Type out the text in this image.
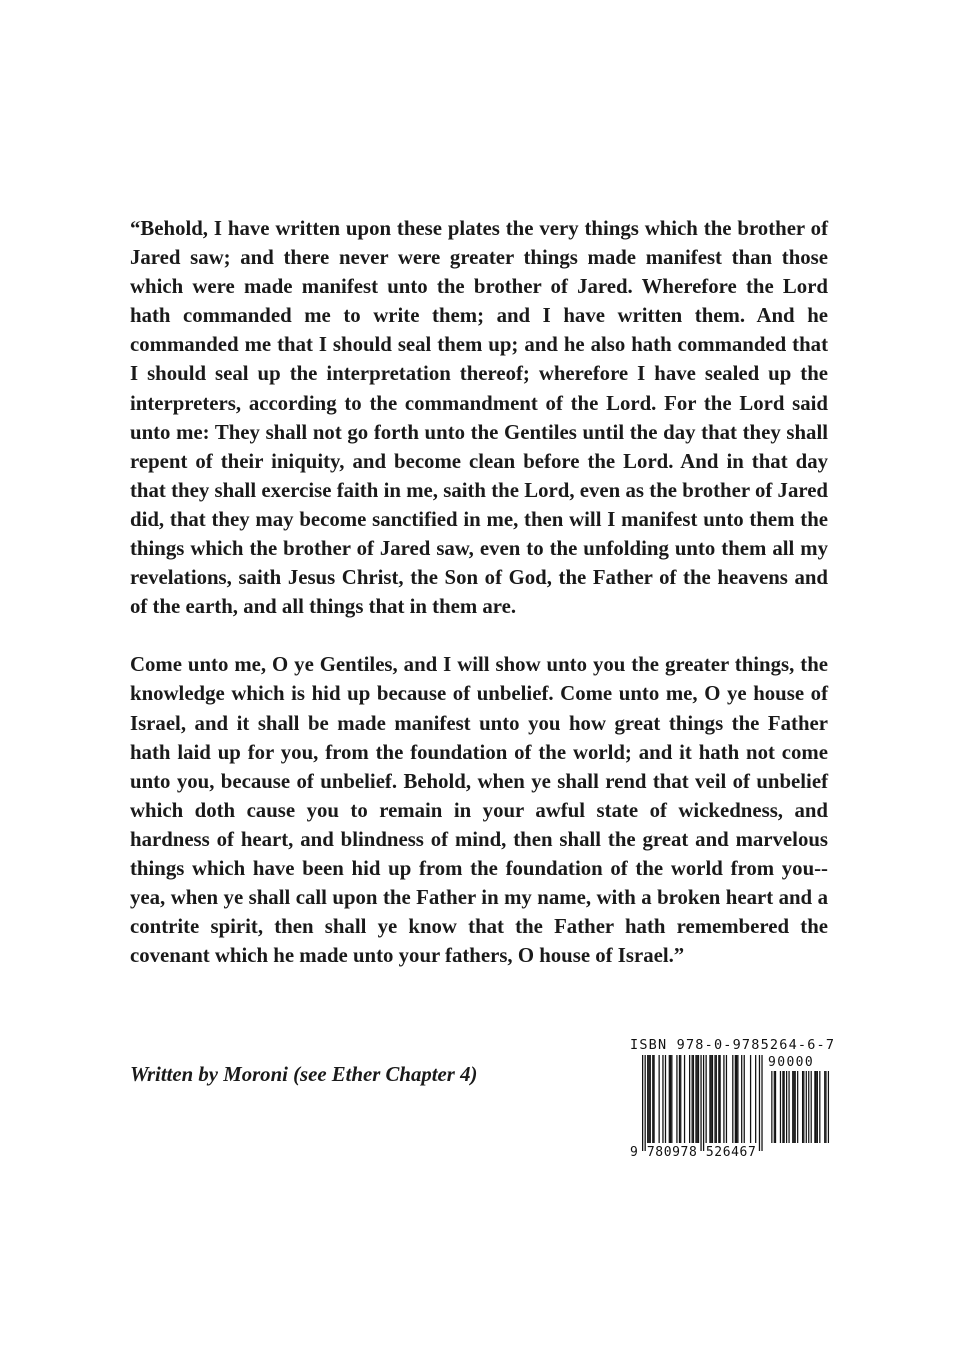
“Behold, I have written upon these plates the very things which the brother of Jared saw; and there never were greater things made manifest than those which were made manifest unto the brother of Jared. Wherefore the Lord hath commanded me to write them; and I have written them. And he commanded me that I should seal them up; and he also hath commanded that I should seal up the interpretation thereof; wherefore I have sealed up the interpreters, according to the commandment of the Lord. For the Lord said unto me: They shall not go forth unto the Gentiles until the day that they shall repent of their iniquity, and become clean before the Lord. And in that day that they shall exercise faith in me, saith the Lord, even as the brother of Jared did, that they may become sanctified in me, then will I manifest unto them the things which the brother of Jared saw, even to the unfolding unto them all my revelations, saith Jesus Christ, the Son of God, the Father of the heavens and of the earth, and all things that in them are.

Come unto me, O ye Gentiles, and I will show unto you the greater things, the knowledge which is hid up because of unbelief. Come unto me, O ye house of Israel, and it shall be made manifest unto you how great things the Father hath laid up for you, from the foundation of the world; and it hath not come unto you, because of unbelief. Behold, when ye shall rend that veil of unbelief which doth cause you to remain in your awful state of wickedness, and hardness of heart, and blindness of mind, then shall the great and marvelous things which have been hid up from the foundation of the world from you--yea, when ye shall call upon the Father in my name, with a broken heart and a contrite spirit, then shall ye know that the Father hath remembered the covenant which he made unto your fathers, O house of Israel.”

Written by Moroni (see Ether Chapter 4)

ISBN 978-0-9785264-6-7
9 780978 526467
90000
